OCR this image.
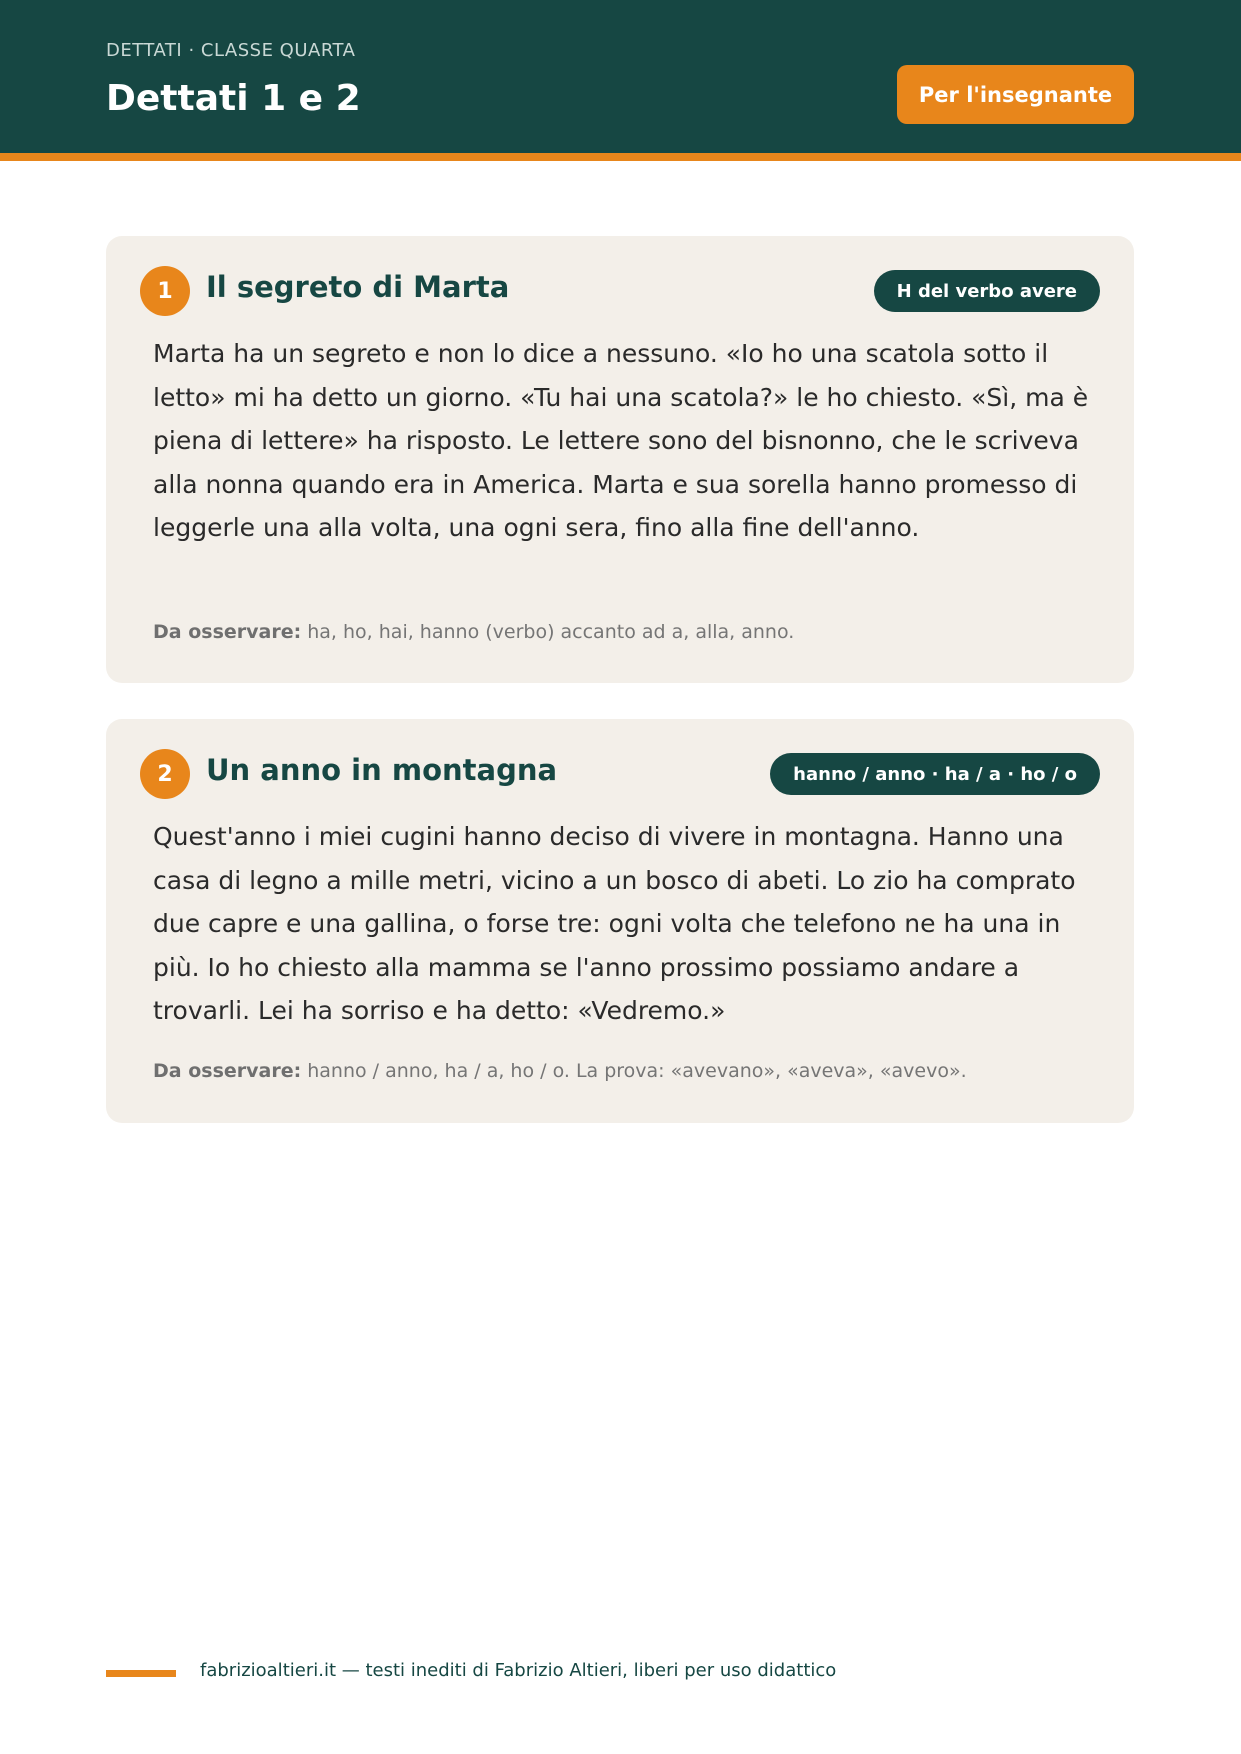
DETTATI · CLASSE QUARTA
Dettati 1 e 2	Per l'insegnante
1	Il segreto di Marta	H del verbo avere

Marta ha un segreto e non lo dice a nessuno. «Io ho una scatola sotto il letto» mi ha detto un giorno. «Tu hai una scatola?» le ho chiesto. «Sì, ma è piena di lettere» ha risposto. Le lettere sono del bisnonno, che le scriveva alla nonna quando era in America. Marta e sua sorella hanno promesso di leggerle una alla volta, una ogni sera, fino alla fine dell'anno.

Da osservare: ha, ho, hai, hanno (verbo) accanto ad a, alla, anno.
2	Un anno in montagna	hanno / anno · ha / a · ho / o

Quest'anno i miei cugini hanno deciso di vivere in montagna. Hanno una casa di legno a mille metri, vicino a un bosco di abeti. Lo zio ha comprato due capre e una gallina, o forse tre: ogni volta che telefono ne ha una in più. Io ho chiesto alla mamma se l'anno prossimo possiamo andare a trovarli. Lei ha sorriso e ha detto: «Vedremo.»

Da osservare: hanno / anno, ha / a, ho / o. La prova: «avevano», «aveva», «avevo».
fabrizioaltieri.it — testi inediti di Fabrizio Altieri, liberi per uso didattico
